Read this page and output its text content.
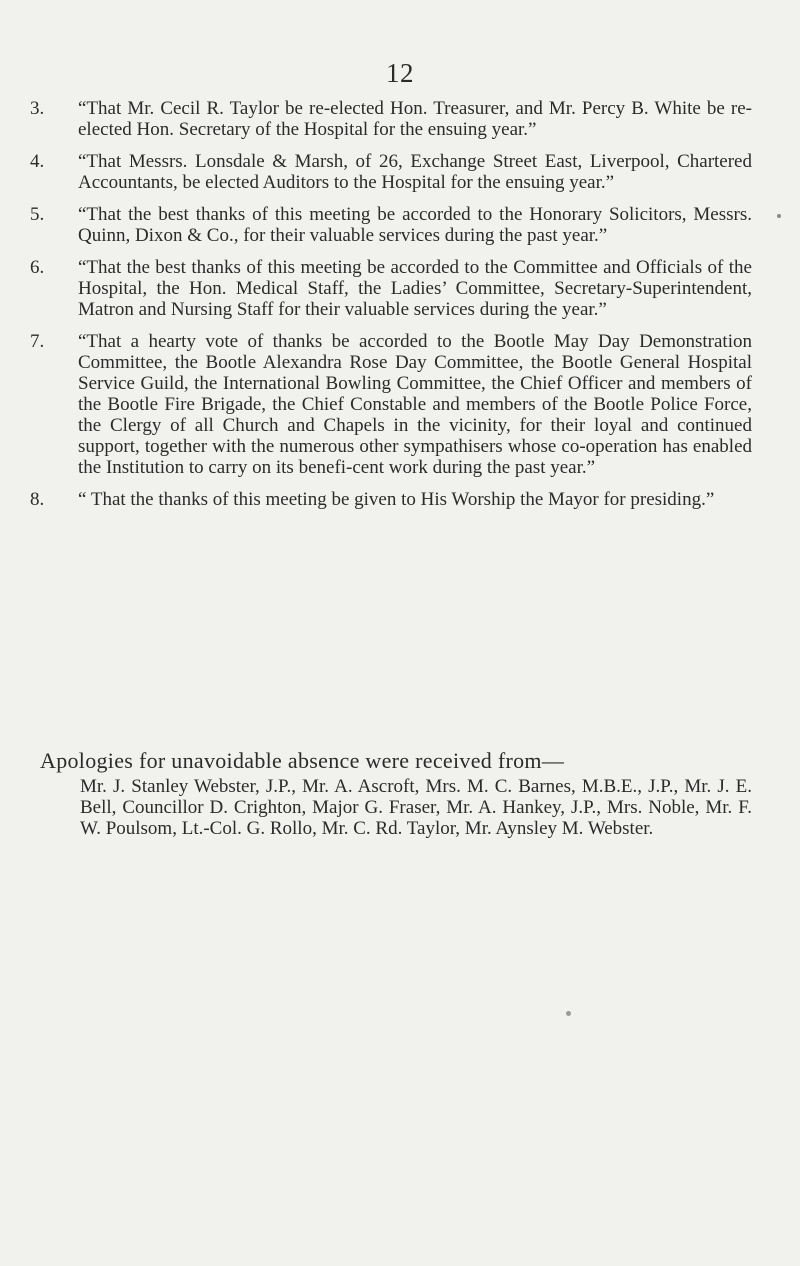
12
3.	“That Mr. Cecil R. Taylor be re-elected Hon. Treasurer, and Mr. Percy B. White be re-elected Hon. Secretary of the Hospital for the ensuing year.”
4.	“That Messrs. Lonsdale & Marsh, of 26, Exchange Street East, Liverpool, Chartered Accountants, be elected Auditors to the Hospital for the ensuing year.”
5.	“That the best thanks of this meeting be accorded to the Honorary Solicitors, Messrs. Quinn, Dixon & Co., for their valuable services during the past year.”
6.	“That the best thanks of this meeting be accorded to the Committee and Officials of the Hospital, the Hon. Medical Staff, the Ladies’ Committee, Secretary-Superintendent, Matron and Nursing Staff for their valuable services during the year.”
7.	“That a hearty vote of thanks be accorded to the Bootle May Day Demonstration Committee, the Bootle Alexandra Rose Day Committee, the Bootle General Hospital Service Guild, the International Bowling Committee, the Chief Officer and members of the Bootle Fire Brigade, the Chief Constable and members of the Bootle Police Force, the Clergy of all Church and Chapels in the vicinity, for their loyal and continued support, together with the numerous other sympathisers whose co-operation has enabled the Institution to carry on its benefi-cent work during the past year.”
8.	“ That the thanks of this meeting be given to His Worship the Mayor for presiding.”
Apologies for unavoidable absence were received from—
Mr. J. Stanley Webster, J.P., Mr. A. Ascroft, Mrs. M. C. Barnes, M.B.E., J.P., Mr. J. E. Bell, Councillor D. Crighton, Major G. Fraser, Mr. A. Hankey, J.P., Mrs. Noble, Mr. F. W. Poulsom, Lt.-Col. G. Rollo, Mr. C. Rd. Taylor, Mr. Aynsley M. Webster.
